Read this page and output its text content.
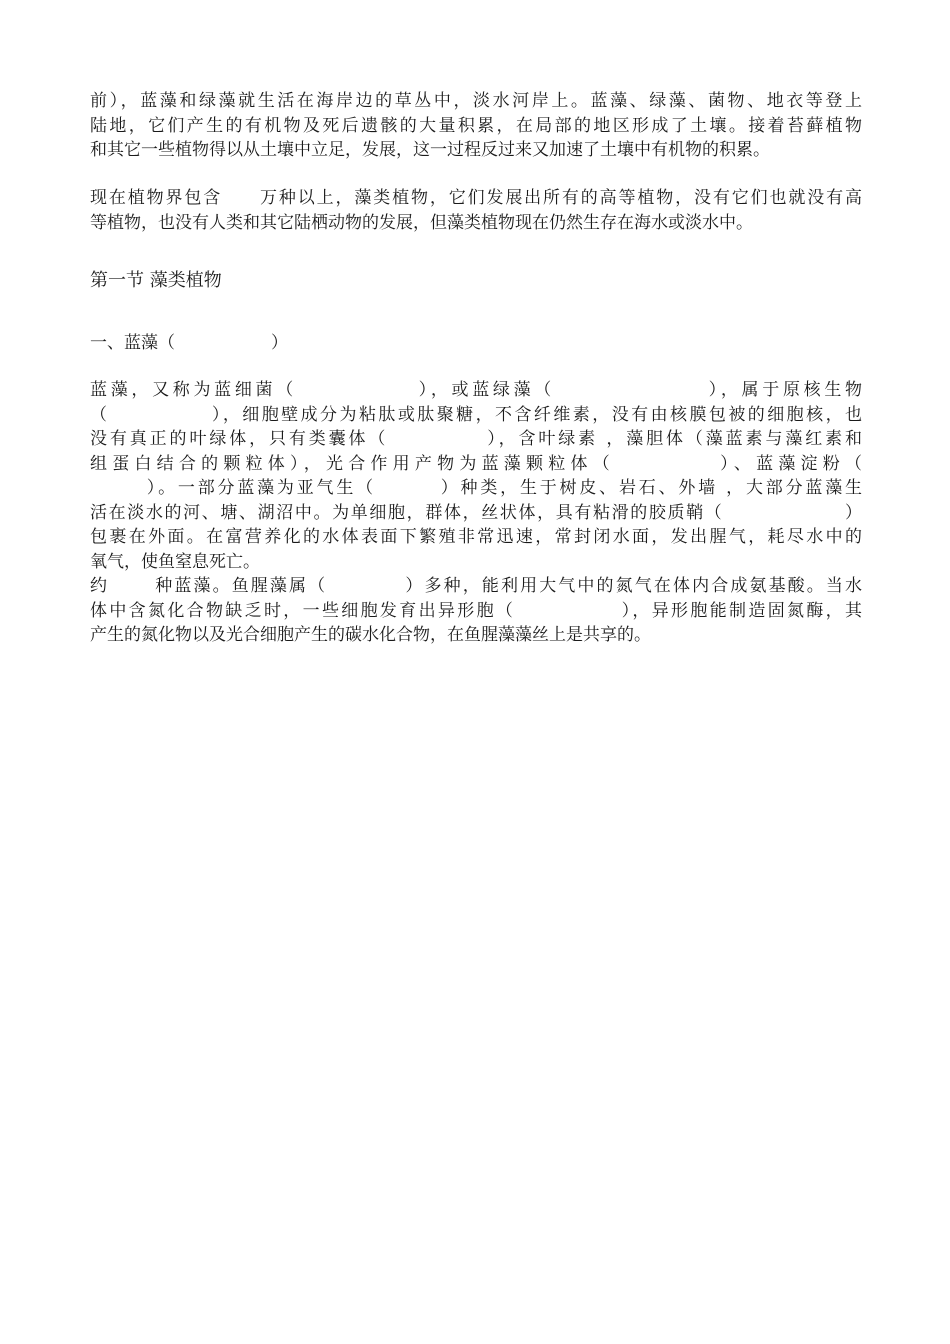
前），蓝藻和绿藻就生活在海岸边的草丛中，淡水河岸上。蓝藻、绿藻、菌物、地衣等登上
陆地，它们产生的有机物及死后遗骸的大量积累，在局部的地区形成了土壤。接着苔藓植物
和其它一些植物得以从土壤中立足，发展，这一过程反过来又加速了土壤中有机物的积累。
现在植物界包含 万种以上，藻类植物，它们发展出所有的高等植物，没有它们也就没有高
等植物，也没有人类和其它陆栖动物的发展，但藻类植物现在仍然生存在海水或淡水中。
第一节 藻类植物
一、蓝藻（	）
蓝藻，又称为蓝细菌（	），或蓝绿藻（	），属于原核生物
（	），细胞壁成分为粘肽或肽聚糖，不含纤维素，没有由核膜包被的细胞核，也
没有真正的叶绿体，只有类囊体（	），含叶绿素 ，藻胆体（藻蓝素与藻红素和
组蛋白结合的颗粒体），光合作用产物为蓝藻颗粒体（	）、蓝藻淀粉（
）。一部分蓝藻为亚气生（	）种类，生于树皮、岩石、外墙 ，大部分蓝藻生
活在淡水的河、塘、湖沼中。为单细胞，群体，丝状体，具有粘滑的胶质鞘（	）
包裹在外面。在富营养化的水体表面下繁殖非常迅速，常封闭水面，发出腥气，耗尽水中的
氧气，使鱼窒息死亡。
约	种蓝藻。鱼腥藻属（	）多种，能利用大气中的氮气在体内合成氨基酸。当水
体中含氮化合物缺乏时，一些细胞发育出异形胞（	），异形胞能制造固氮酶，其
产生的氮化物以及光合细胞产生的碳水化合物，在鱼腥藻藻丝上是共享的。
